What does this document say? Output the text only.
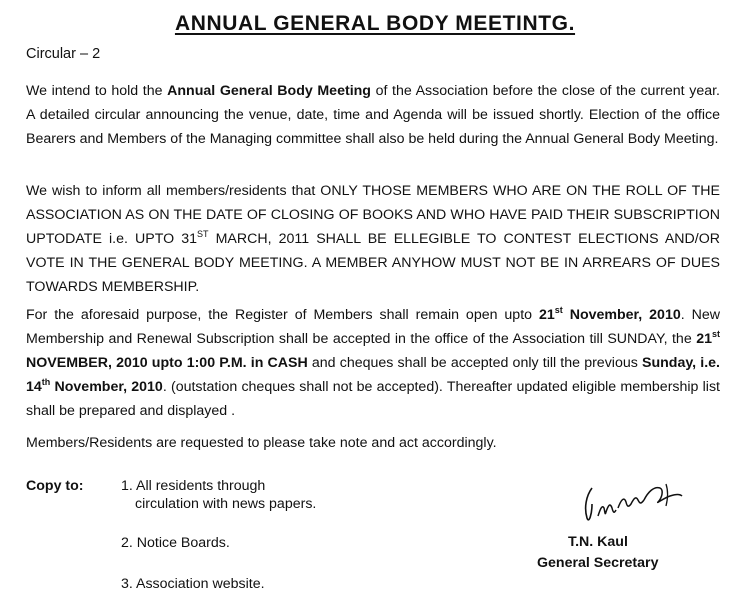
ANNUAL GENERAL BODY MEETINTG.
Circular – 2
We intend to hold the Annual General Body Meeting of the Association before the close of the current year. A detailed circular announcing the venue, date, time and Agenda will be issued shortly. Election of the office Bearers and Members of the Managing committee shall also be held during the Annual General Body Meeting.
We wish to inform all members/residents that ONLY THOSE MEMBERS WHO ARE ON THE ROLL OF THE ASSOCIATION AS ON THE DATE OF CLOSING OF BOOKS AND WHO HAVE PAID THEIR SUBSCRIPTION UPTODATE i.e. UPTO 31ST MARCH, 2011 SHALL BE ELLEGIBLE TO CONTEST ELECTIONS AND/OR VOTE IN THE GENERAL BODY MEETING. A MEMBER ANYHOW MUST NOT BE IN ARREARS OF DUES TOWARDS MEMBERSHIP.
For the aforesaid purpose, the Register of Members shall remain open upto 21st November, 2010. New Membership and Renewal Subscription shall be accepted in the office of the Association till SUNDAY, the 21st NOVEMBER, 2010 upto 1:00 P.M. in CASH and cheques shall be accepted only till the previous Sunday, i.e. 14th November, 2010. (outstation cheques shall not be accepted). Thereafter updated eligible membership list shall be prepared and displayed .
Members/Residents are requested to please take note and act accordingly.
Copy to:	1. All residents through
circulation with news papers.
2. Notice Boards.
3. Association website.
T.N. Kaul
General Secretary
